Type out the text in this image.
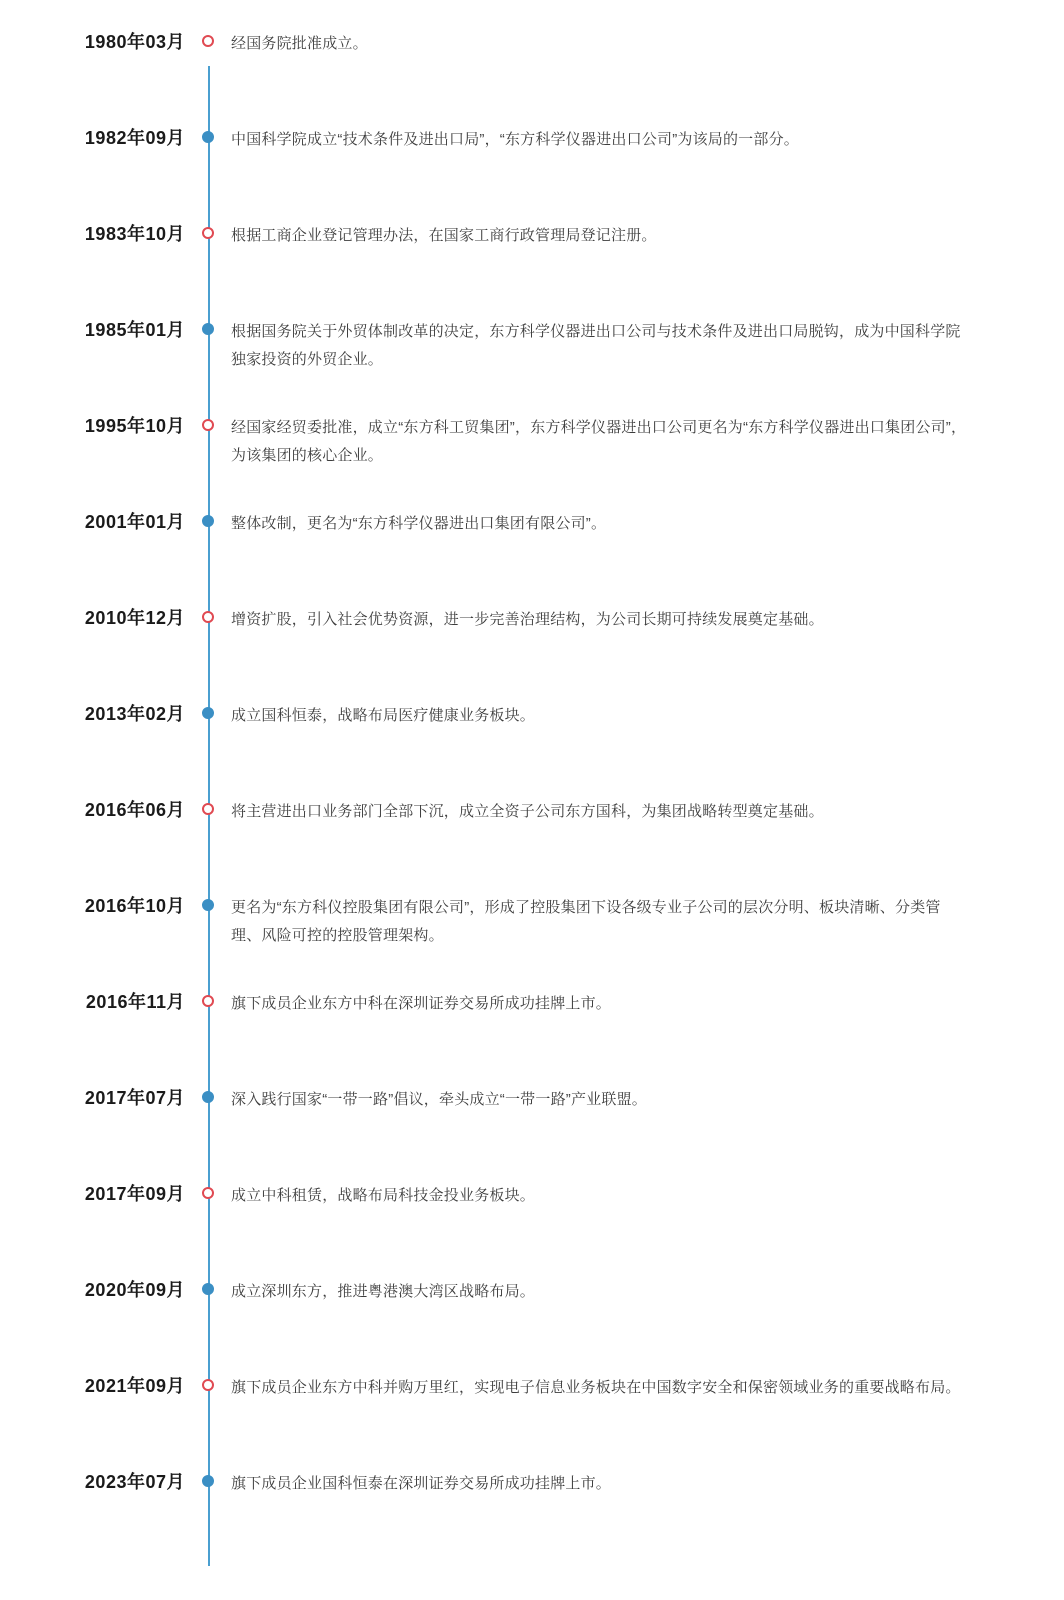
1980年03月	经国务院批准成立。
1982年09月	中国科学院成立“技术条件及进出口局”，“东方科学仪器进出口公司”为该局的一部分。
1983年10月	根据工商企业登记管理办法，在国家工商行政管理局登记注册。
1985年01月	根据国务院关于外贸体制改革的决定，东方科学仪器进出口公司与技术条件及进出口局脱钩，成为中国科学院独家投资的外贸企业。
1995年10月	经国家经贸委批准，成立“东方科工贸集团”，东方科学仪器进出口公司更名为“东方科学仪器进出口集团公司”，为该集团的核心企业。
2001年01月	整体改制，更名为“东方科学仪器进出口集团有限公司”。
2010年12月	增资扩股，引入社会优势资源，进一步完善治理结构，为公司长期可持续发展奠定基础。
2013年02月	成立国科恒泰，战略布局医疗健康业务板块。
2016年06月	将主营进出口业务部门全部下沉，成立全资子公司东方国科，为集团战略转型奠定基础。
2016年10月	更名为“东方科仪控股集团有限公司”，形成了控股集团下设各级专业子公司的层次分明、板块清晰、分类管理、风险可控的控股管理架构。
2016年11月	旗下成员企业东方中科在深圳证券交易所成功挂牌上市。
2017年07月	深入践行国家“一带一路”倡议，牵头成立“一带一路”产业联盟。
2017年09月	成立中科租赁，战略布局科技金投业务板块。
2020年09月	成立深圳东方，推进粤港澳大湾区战略布局。
2021年09月	旗下成员企业东方中科并购万里红，实现电子信息业务板块在中国数字安全和保密领域业务的重要战略布局。
2023年07月	旗下成员企业国科恒泰在深圳证券交易所成功挂牌上市。
